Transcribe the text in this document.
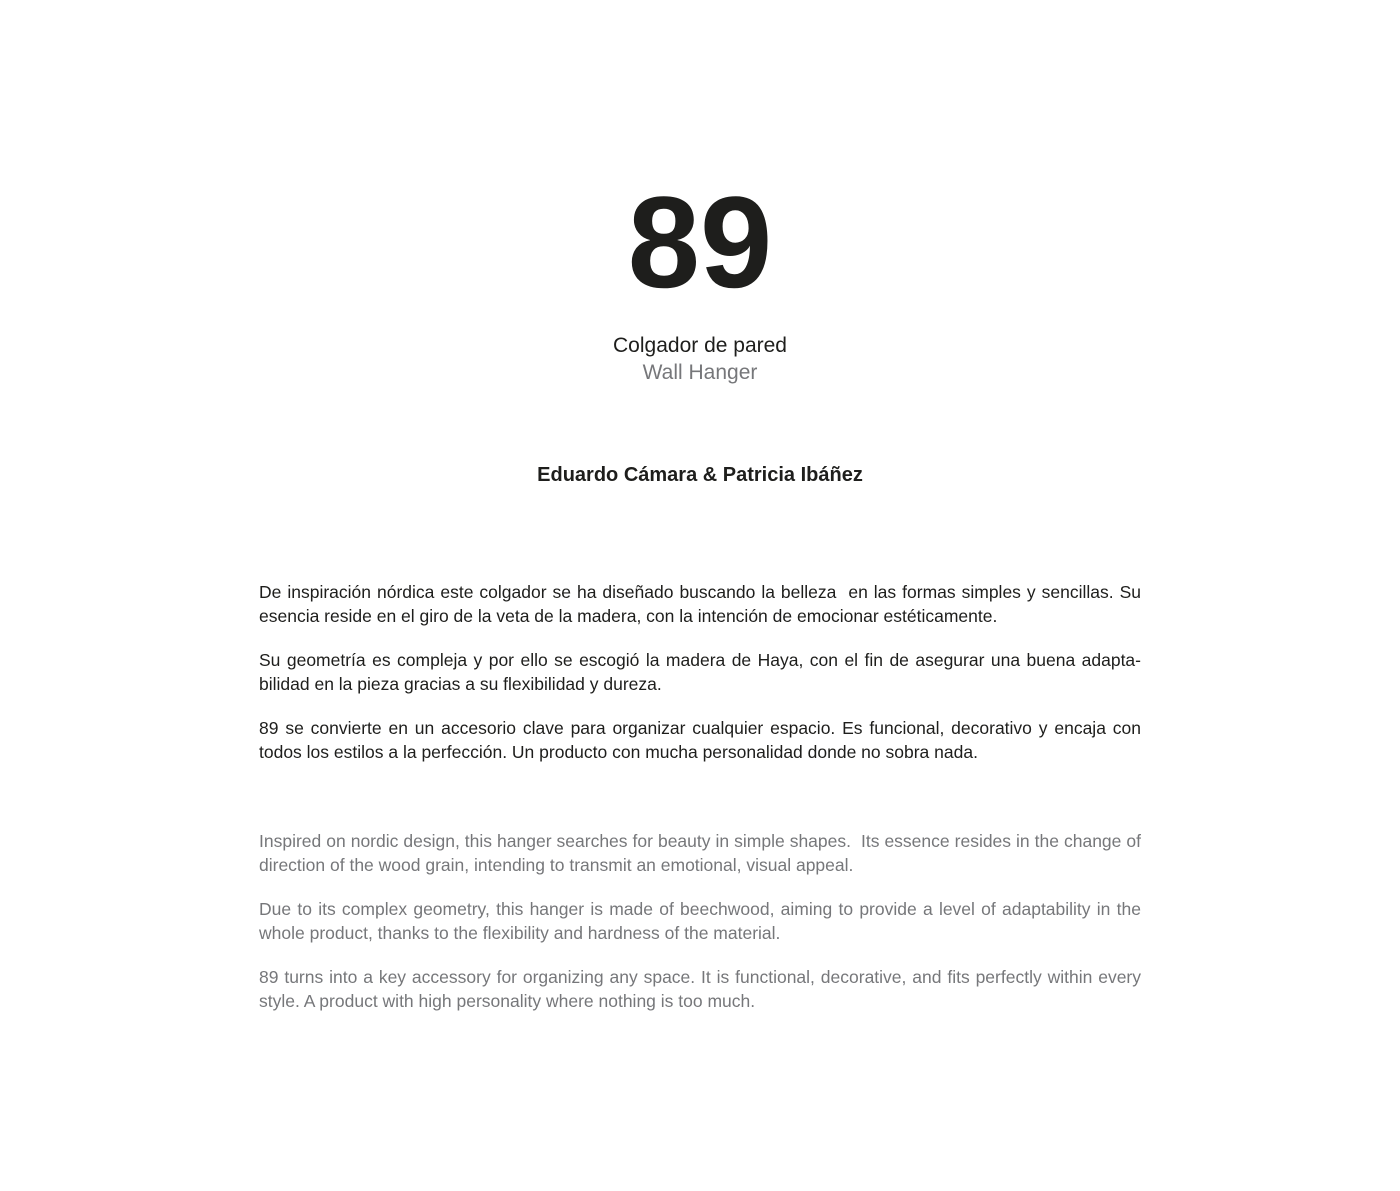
89
Colgador de pared
Wall Hanger
Eduardo Cámara & Patricia Ibáñez

De inspiración nórdica este colgador se ha diseñado buscando la belleza  en las formas simples y sencillas. Su esencia reside en el giro de la veta de la madera, con la intención de emocionar estéticamente.

Su geometría es compleja y por ello se escogió la madera de Haya, con el fin de asegurar una buena adapta-bilidad en la pieza gracias a su flexibilidad y dureza.

89 se convierte en un accesorio clave para organizar cualquier espacio. Es funcional, decorativo y encaja con todos los estilos a la perfección. Un producto con mucha personalidad donde no sobra nada.

Inspired on nordic design, this hanger searches for beauty in simple shapes.  Its essence resides in the change of direction of the wood grain, intending to transmit an emotional, visual appeal.

Due to its complex geometry, this hanger is made of beechwood, aiming to provide a level of adaptability in the whole product, thanks to the flexibility and hardness of the material.

89 turns into a key accessory for organizing any space. It is functional, decorative, and fits perfectly within every style. A product with high personality where nothing is too much.
